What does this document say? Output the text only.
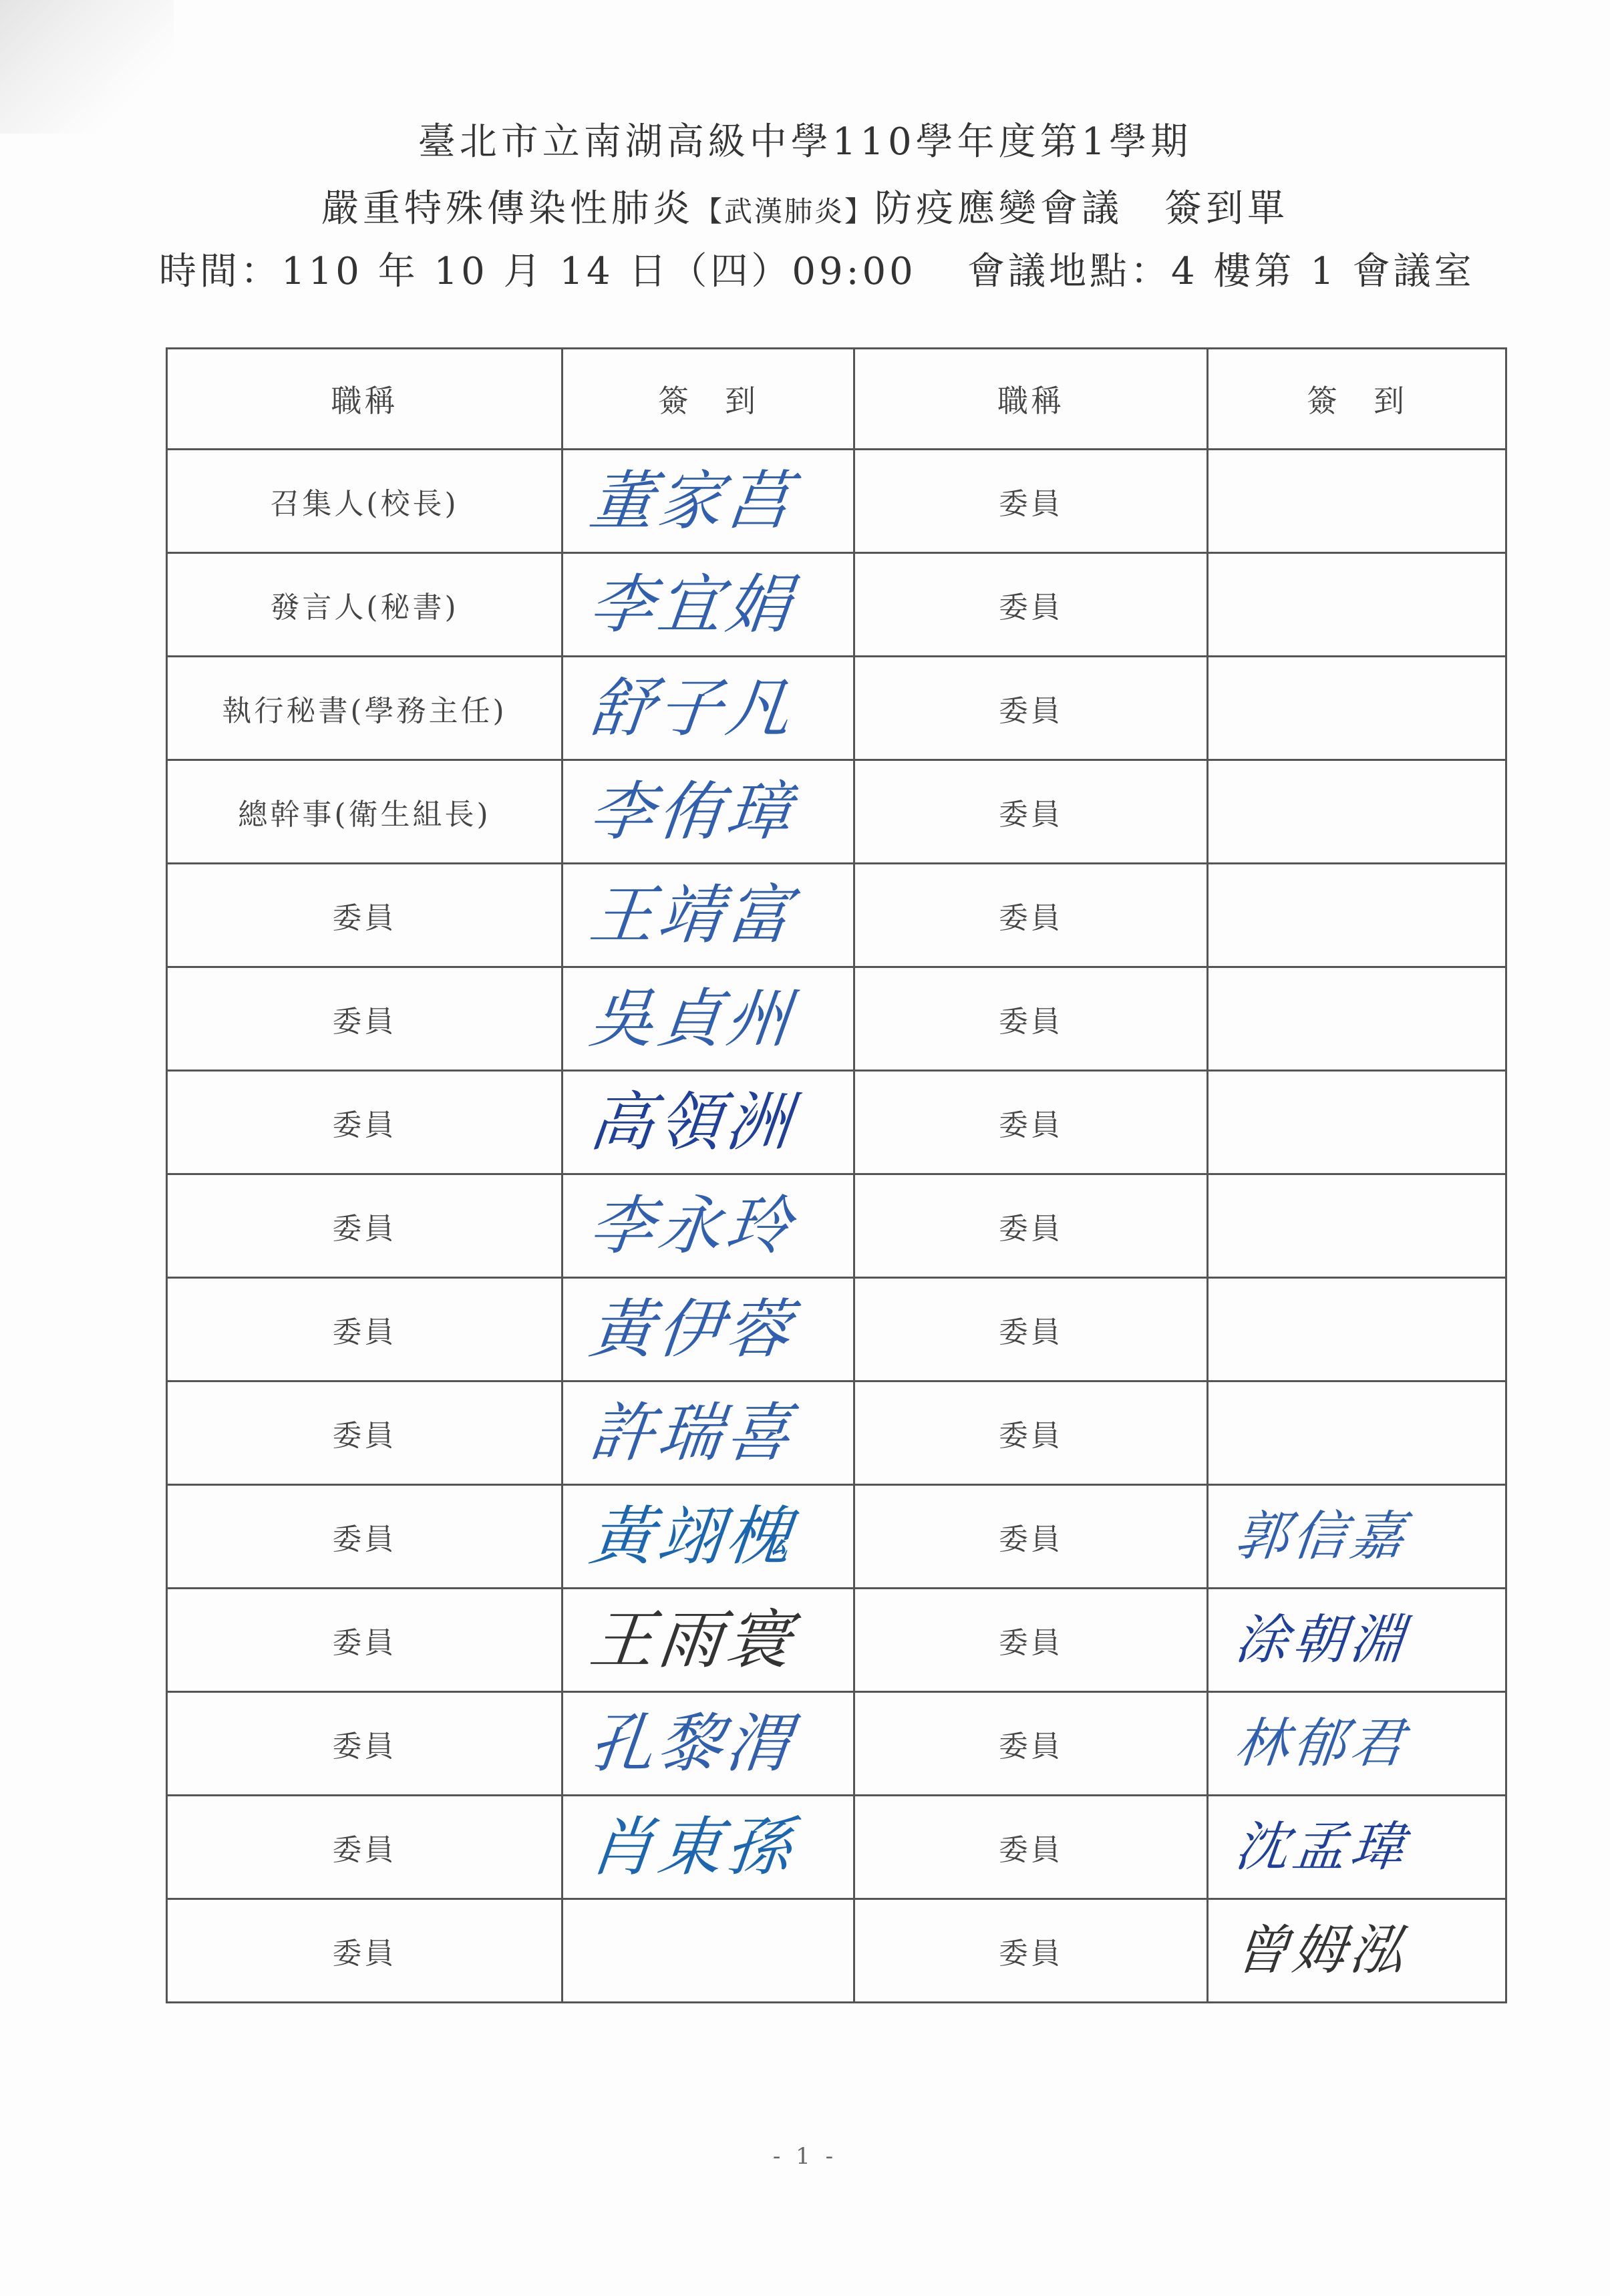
臺北市立南湖高級中學110學年度第1學期
嚴重特殊傳染性肺炎【武漢肺炎】防疫應變會議　簽到單
時間：110 年 10 月 14 日（四）09:00 會議地點：4 樓第 1 會議室
職稱	簽　到	職稱	簽　到
召集人(校長)	董家莒	委員	
發言人(秘書)	李宜娟	委員	
執行秘書(學務主任)	舒子凡	委員	
總幹事(衛生組長)	李侑璋	委員	
委員	王靖富	委員	
委員	吳貞州	委員	
委員	高領洲	委員	
委員	李永玲	委員	
委員	黃伊蓉	委員	
委員	許瑞喜	委員	
委員	黃翊槐	委員	郭信嘉
委員	王雨寰	委員	涂朝淵
委員	孔黎渭	委員	林郁君
委員	肖東孫	委員	沈孟瑋
委員		委員	曾姆泓
- 1 -
